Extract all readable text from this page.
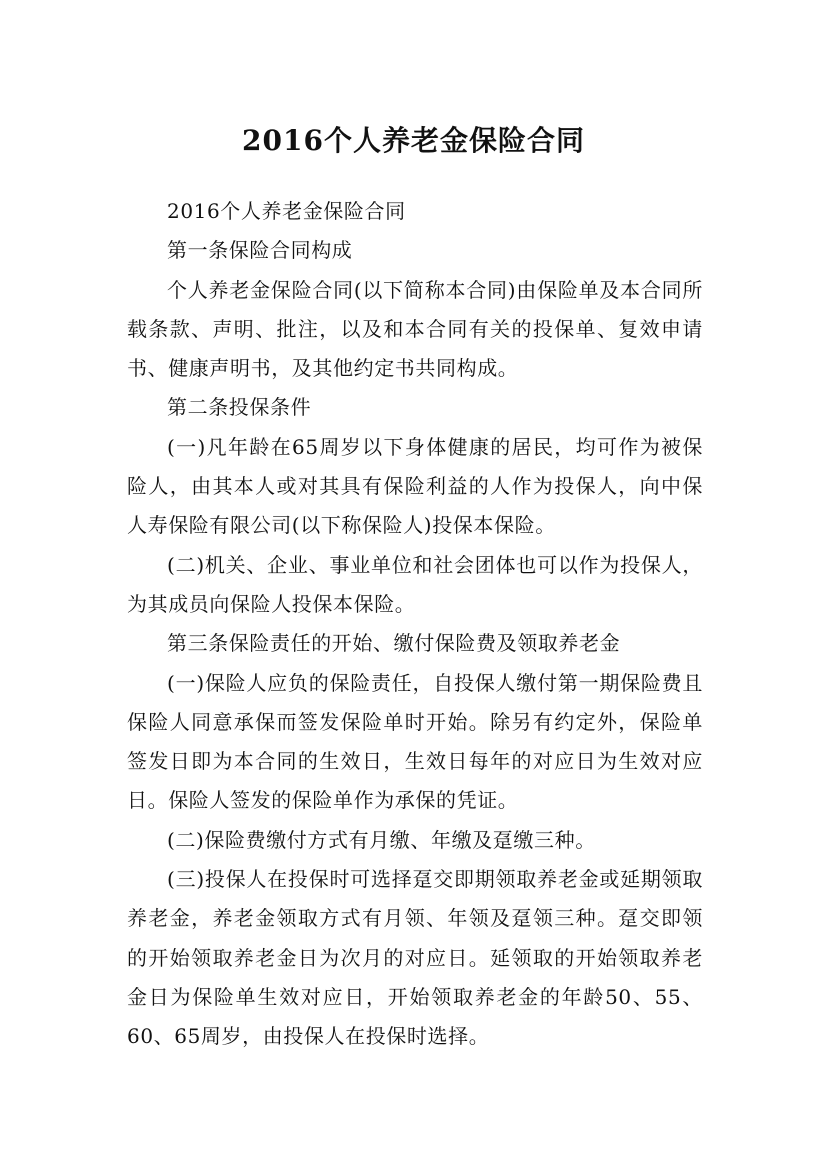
2016个人养老金保险合同

2016个人养老金保险合同

第一条保险合同构成

个人养老金保险合同(以下简称本合同)由保险单及本合同所载条款、声明、批注，以及和本合同有关的投保单、复效申请书、健康声明书，及其他约定书共同构成。

第二条投保条件

(一)凡年龄在65周岁以下身体健康的居民，均可作为被保险人，由其本人或对其具有保险利益的人作为投保人，向中保人寿保险有限公司(以下称保险人)投保本保险。

(二)机关、企业、事业单位和社会团体也可以作为投保人，为其成员向保险人投保本保险。

第三条保险责任的开始、缴付保险费及领取养老金

(一)保险人应负的保险责任，自投保人缴付第一期保险费且保险人同意承保而签发保险单时开始。除另有约定外，保险单签发日即为本合同的生效日，生效日每年的对应日为生效对应日。保险人签发的保险单作为承保的凭证。

(二)保险费缴付方式有月缴、年缴及趸缴三种。

(三)投保人在投保时可选择趸交即期领取养老金或延期领取养老金，养老金领取方式有月领、年领及趸领三种。趸交即领的开始领取养老金日为次月的对应日。延领取的开始领取养老金日为保险单生效对应日，开始领取养老金的年龄50、55、60、65周岁，由投保人在投保时选择。
